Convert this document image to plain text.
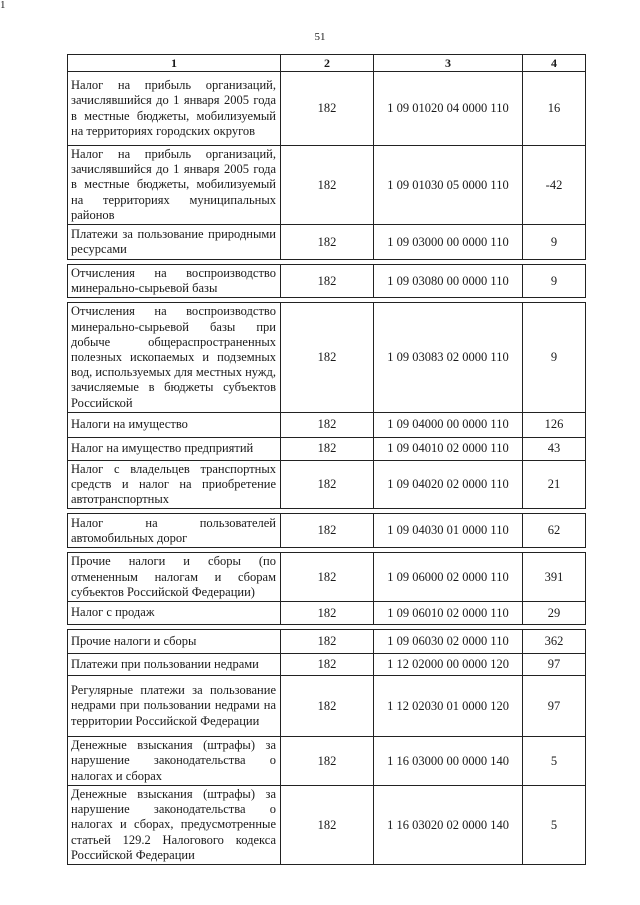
1
51
1	2	3	4
Налог на прибыль организаций, зачислявшийся до 1 января 2005 года в местные бюджеты, мобилизуемый на территориях городских округов	182	1 09 01020 04 0000 110	16
Налог на прибыль организаций, зачислявшийся до 1 января 2005 года в местные бюджеты, мобилизуемый на территориях муниципальных районов	182	1 09 01030 05 0000 110	-42
Платежи за пользование природными ресурсами	182	1 09 03000 00 0000 110	9

Отчисления на воспроизводство минерально-сырьевой базы	182	1 09 03080 00 0000 110	9

Отчисления на воспроизводство минерально-сырьевой базы при добыче общераспространенных полезных ископаемых и подземных вод, используемых для местных нужд, зачисляемые в бюджеты субъектов Российской	182	1 09 03083 02 0000 110	9
Налоги на имущество	182	1 09 04000 00 0000 110	126
Налог на имущество предприятий	182	1 09 04010 02 0000 110	43
Налог с владельцев транспортных средств и налог на приобретение автотранспортных	182	1 09 04020 02 0000 110	21

Налог на пользователей автомобильных дорог	182	1 09 04030 01 0000 110	62

Прочие налоги и сборы (по отмененным налогам и сборам субъектов Российской Федерации)	182	1 09 06000 02 0000 110	391
Налог с продаж	182	1 09 06010 02 0000 110	29

Прочие налоги и сборы	182	1 09 06030 02 0000 110	362
Платежи при пользовании недрами	182	1 12 02000 00 0000 120	97
Регулярные платежи за пользование недрами при пользовании недрами на территории Российской Федерации	182	1 12 02030 01 0000 120	97
Денежные взыскания (штрафы) за нарушение законодательства о налогах и сборах	182	1 16 03000 00 0000 140	5
Денежные взыскания (штрафы) за нарушение законодательства о налогах и сборах, предусмотренные статьей 129.2 Налогового кодекса Российской Федерации	182	1 16 03020 02 0000 140	5
